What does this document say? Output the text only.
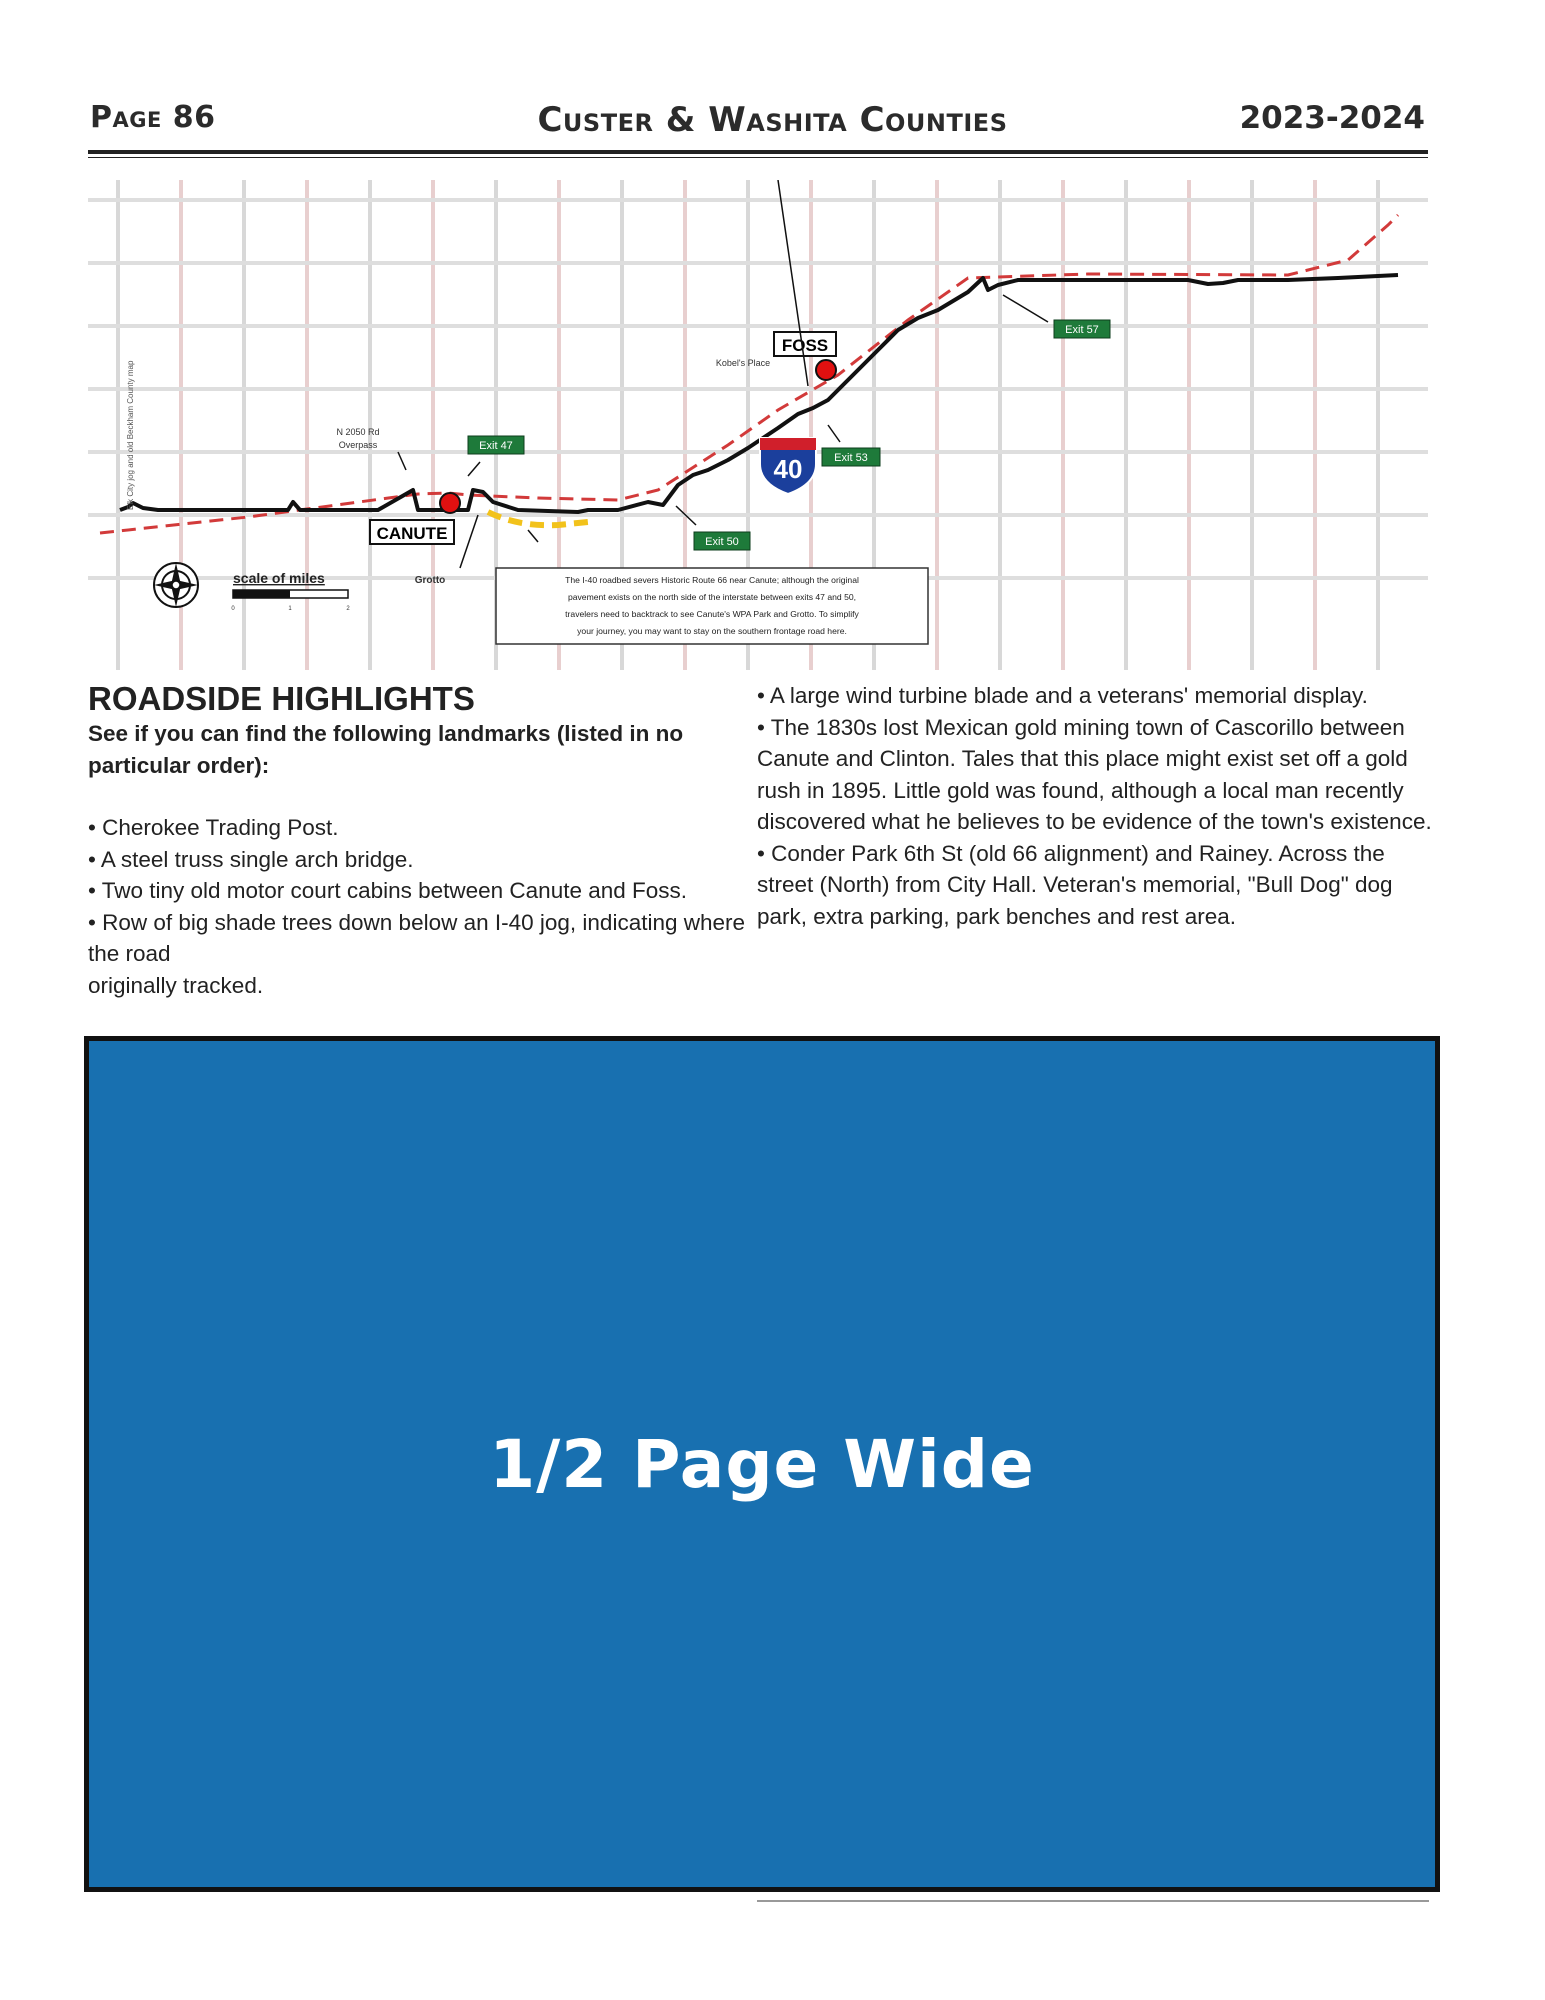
Page 86	Custer & Washita Counties	2023-2024
FOSS
CANUTE
Exit 47
Exit 50
Exit 53
Exit 57
40
Kobel's Place
N 2050 Rd
Overpass
Grotto
Elk City jog and old Beckham County map
scale of miles
0	1	2
The I-40 roadbed severs Historic Route 66 near Canute; although the original
pavement exists on the north side of the interstate between exits 47 and 50,
travelers need to backtrack to see Canute's WPA Park and Grotto. To simplify
your journey, you may want to stay on the southern frontage road here.

ROADSIDE HIGHLIGHTS

See if you can find the following landmarks (listed in no particular order):

• Cherokee Trading Post.

• A steel truss single arch bridge.

• Two tiny old motor court cabins between Canute and Foss.

• Row of big shade trees down below an I-40 jog, indicating where the road

originally tracked.

• A large wind turbine blade and a veterans' memorial display.

• The 1830s lost Mexican gold mining town of Cascorillo between Canute and Clinton. Tales that this place might exist set off a gold rush in 1895. Little gold was found, although a local man recently discovered what he believes to be evidence of the town's existence.

• Conder Park 6th St (old 66 alignment) and Rainey. Across the street (North) from City Hall. Veteran's memorial, "Bull Dog" dog park, extra parking, park benches and rest area.

1/2 Page Wide
